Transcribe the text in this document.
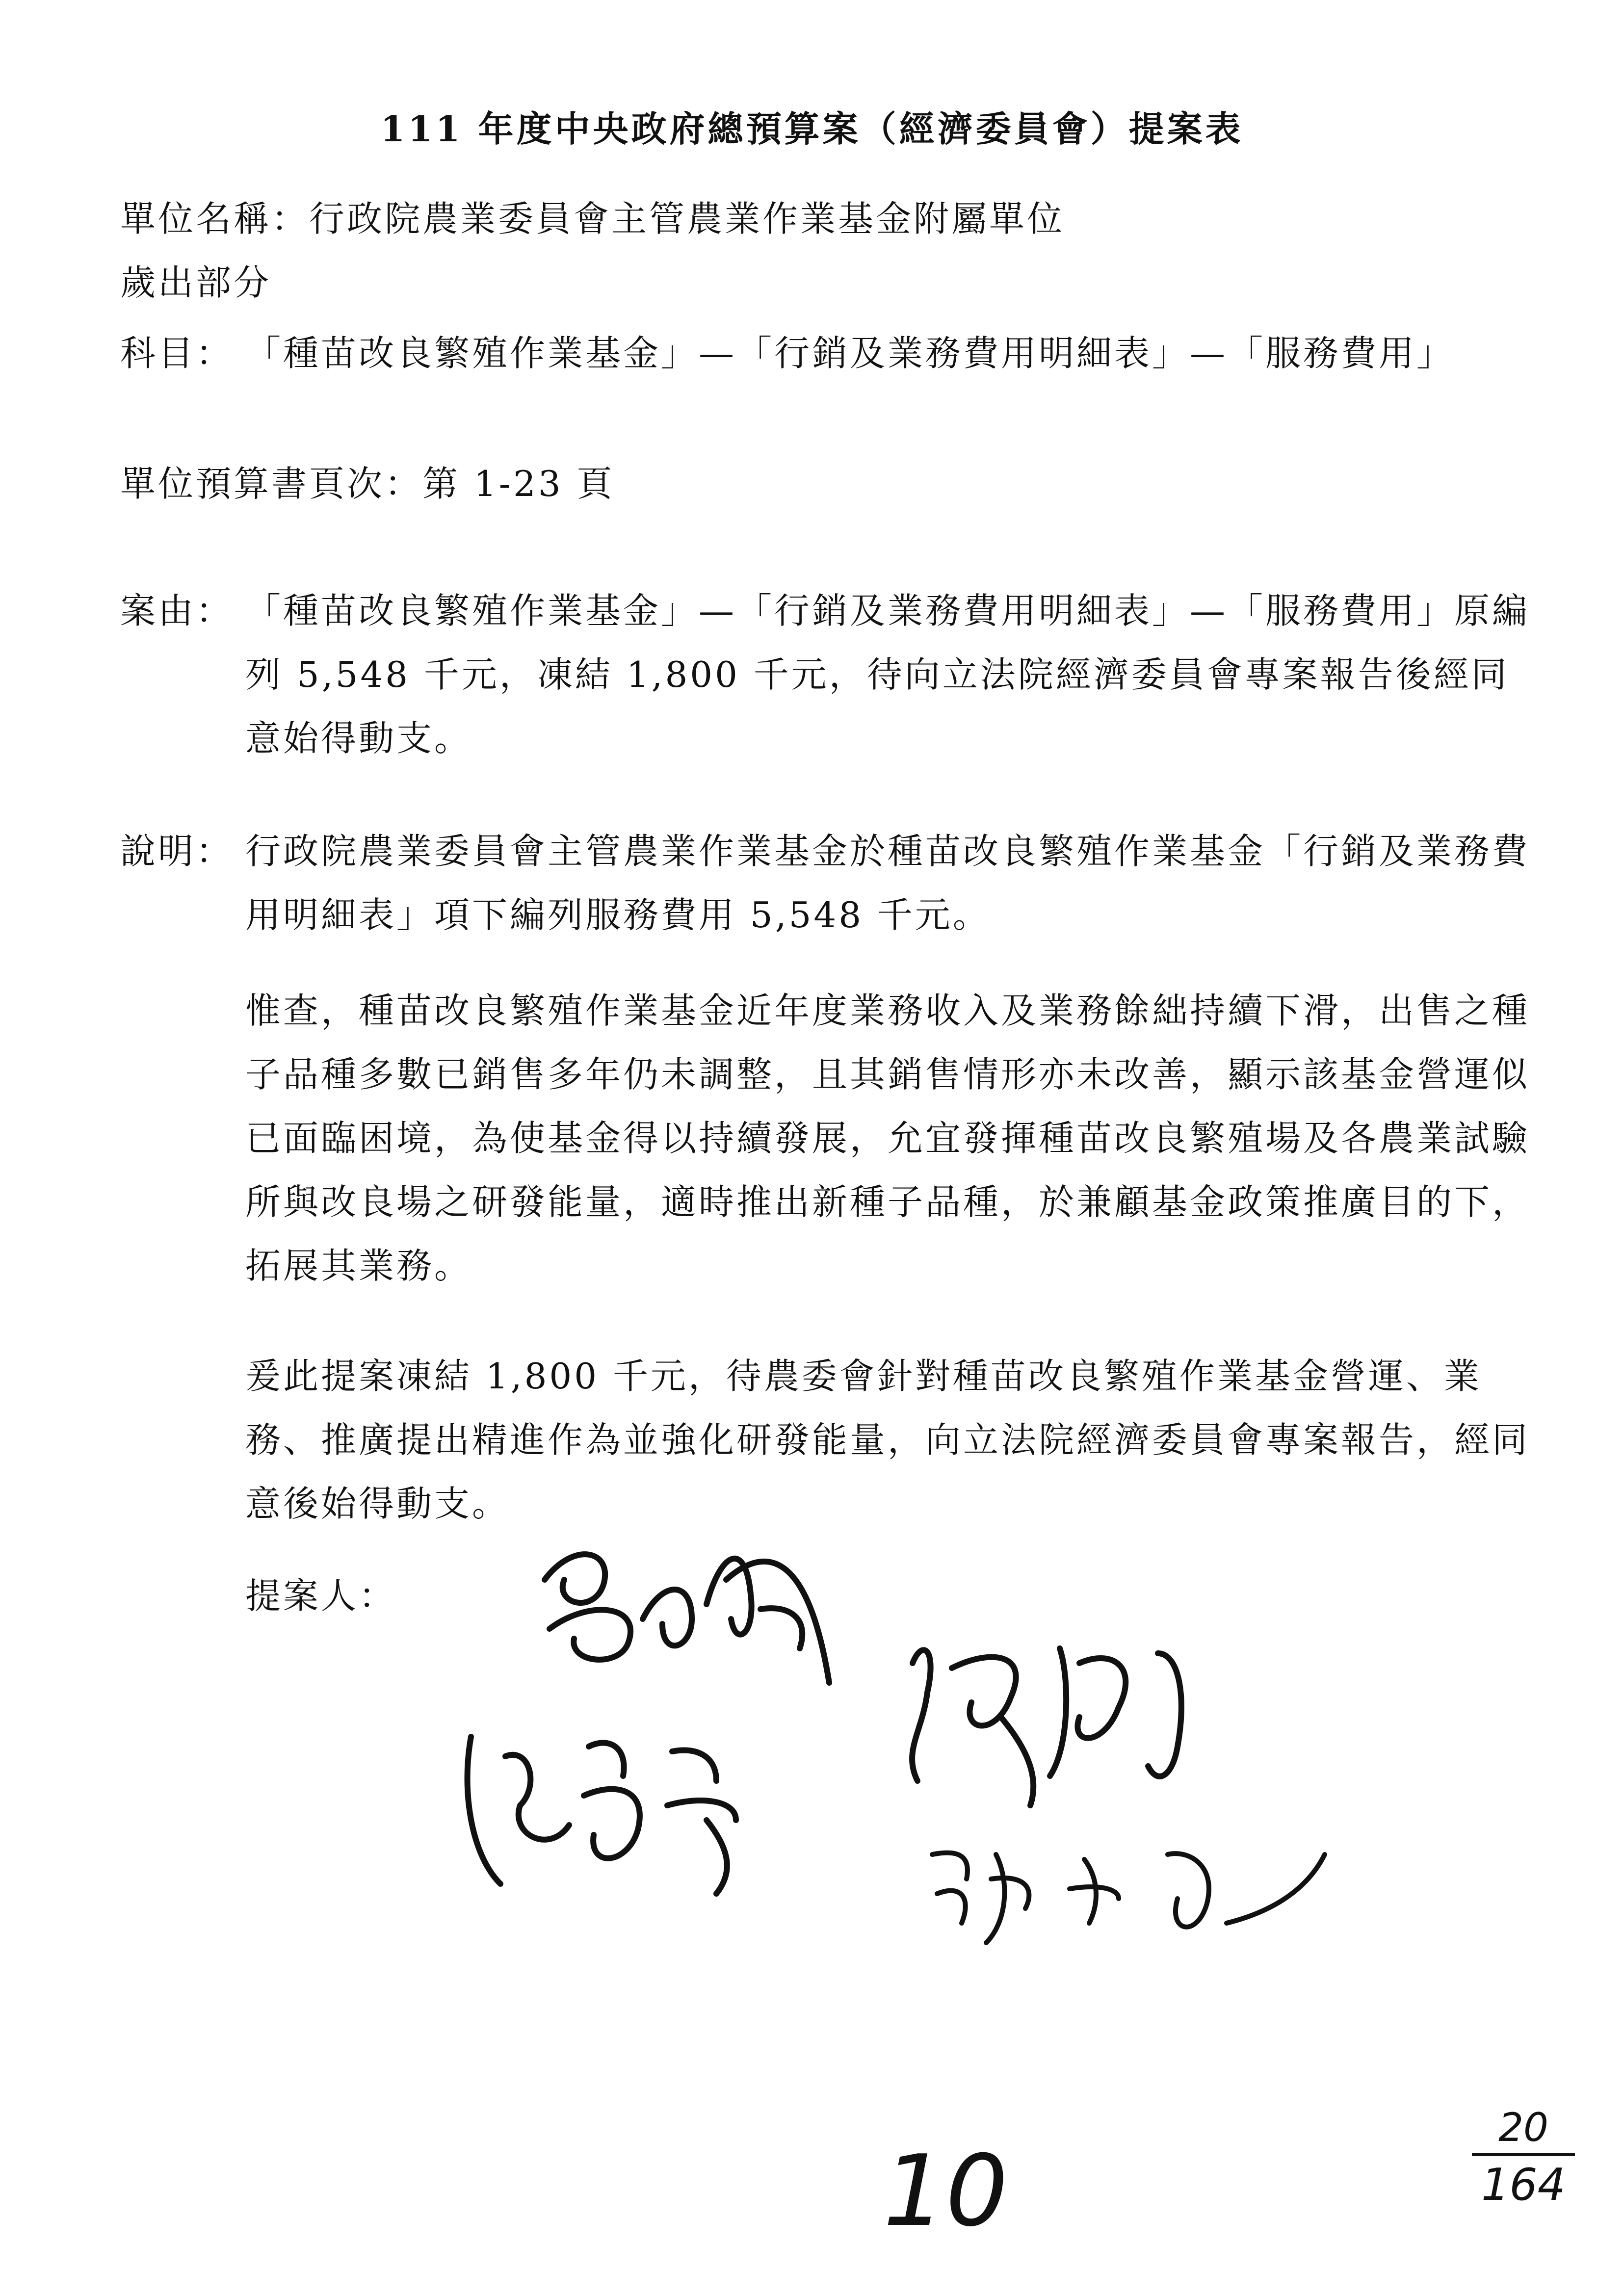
111 年度中央政府總預算案（經濟委員會）提案表
單位名稱：行政院農業委員會主管農業作業基金附屬單位
歲出部分
科目： 「種苗改良繁殖作業基金」—「行銷及業務費用明細表」—「服務費用」
單位預算書頁次：第 1-23 頁
案由： 「種苗改良繁殖作業基金」—「行銷及業務費用明細表」—「服務費用」原編列 5,548 千元，凍結 1,800 千元，待向立法院經濟委員會專案報告後經同意始得動支。
說明： 行政院農業委員會主管農業作業基金於種苗改良繁殖作業基金「行銷及業務費用明細表」項下編列服務費用 5,548 千元。
惟查，種苗改良繁殖作業基金近年度業務收入及業務餘絀持續下滑，出售之種子品種多數已銷售多年仍未調整，且其銷售情形亦未改善，顯示該基金營運似已面臨困境，為使基金得以持續發展，允宜發揮種苗改良繁殖場及各農業試驗所與改良場之研發能量，適時推出新種子品種，於兼顧基金政策推廣目的下，拓展其業務。
爰此提案凍結 1,800 千元，待農委會針對種苗改良繁殖作業基金營運、業務、推廣提出精進作為並強化研發能量，向立法院經濟委員會專案報告，經同意後始得動支。
提案人：
10
20
164
